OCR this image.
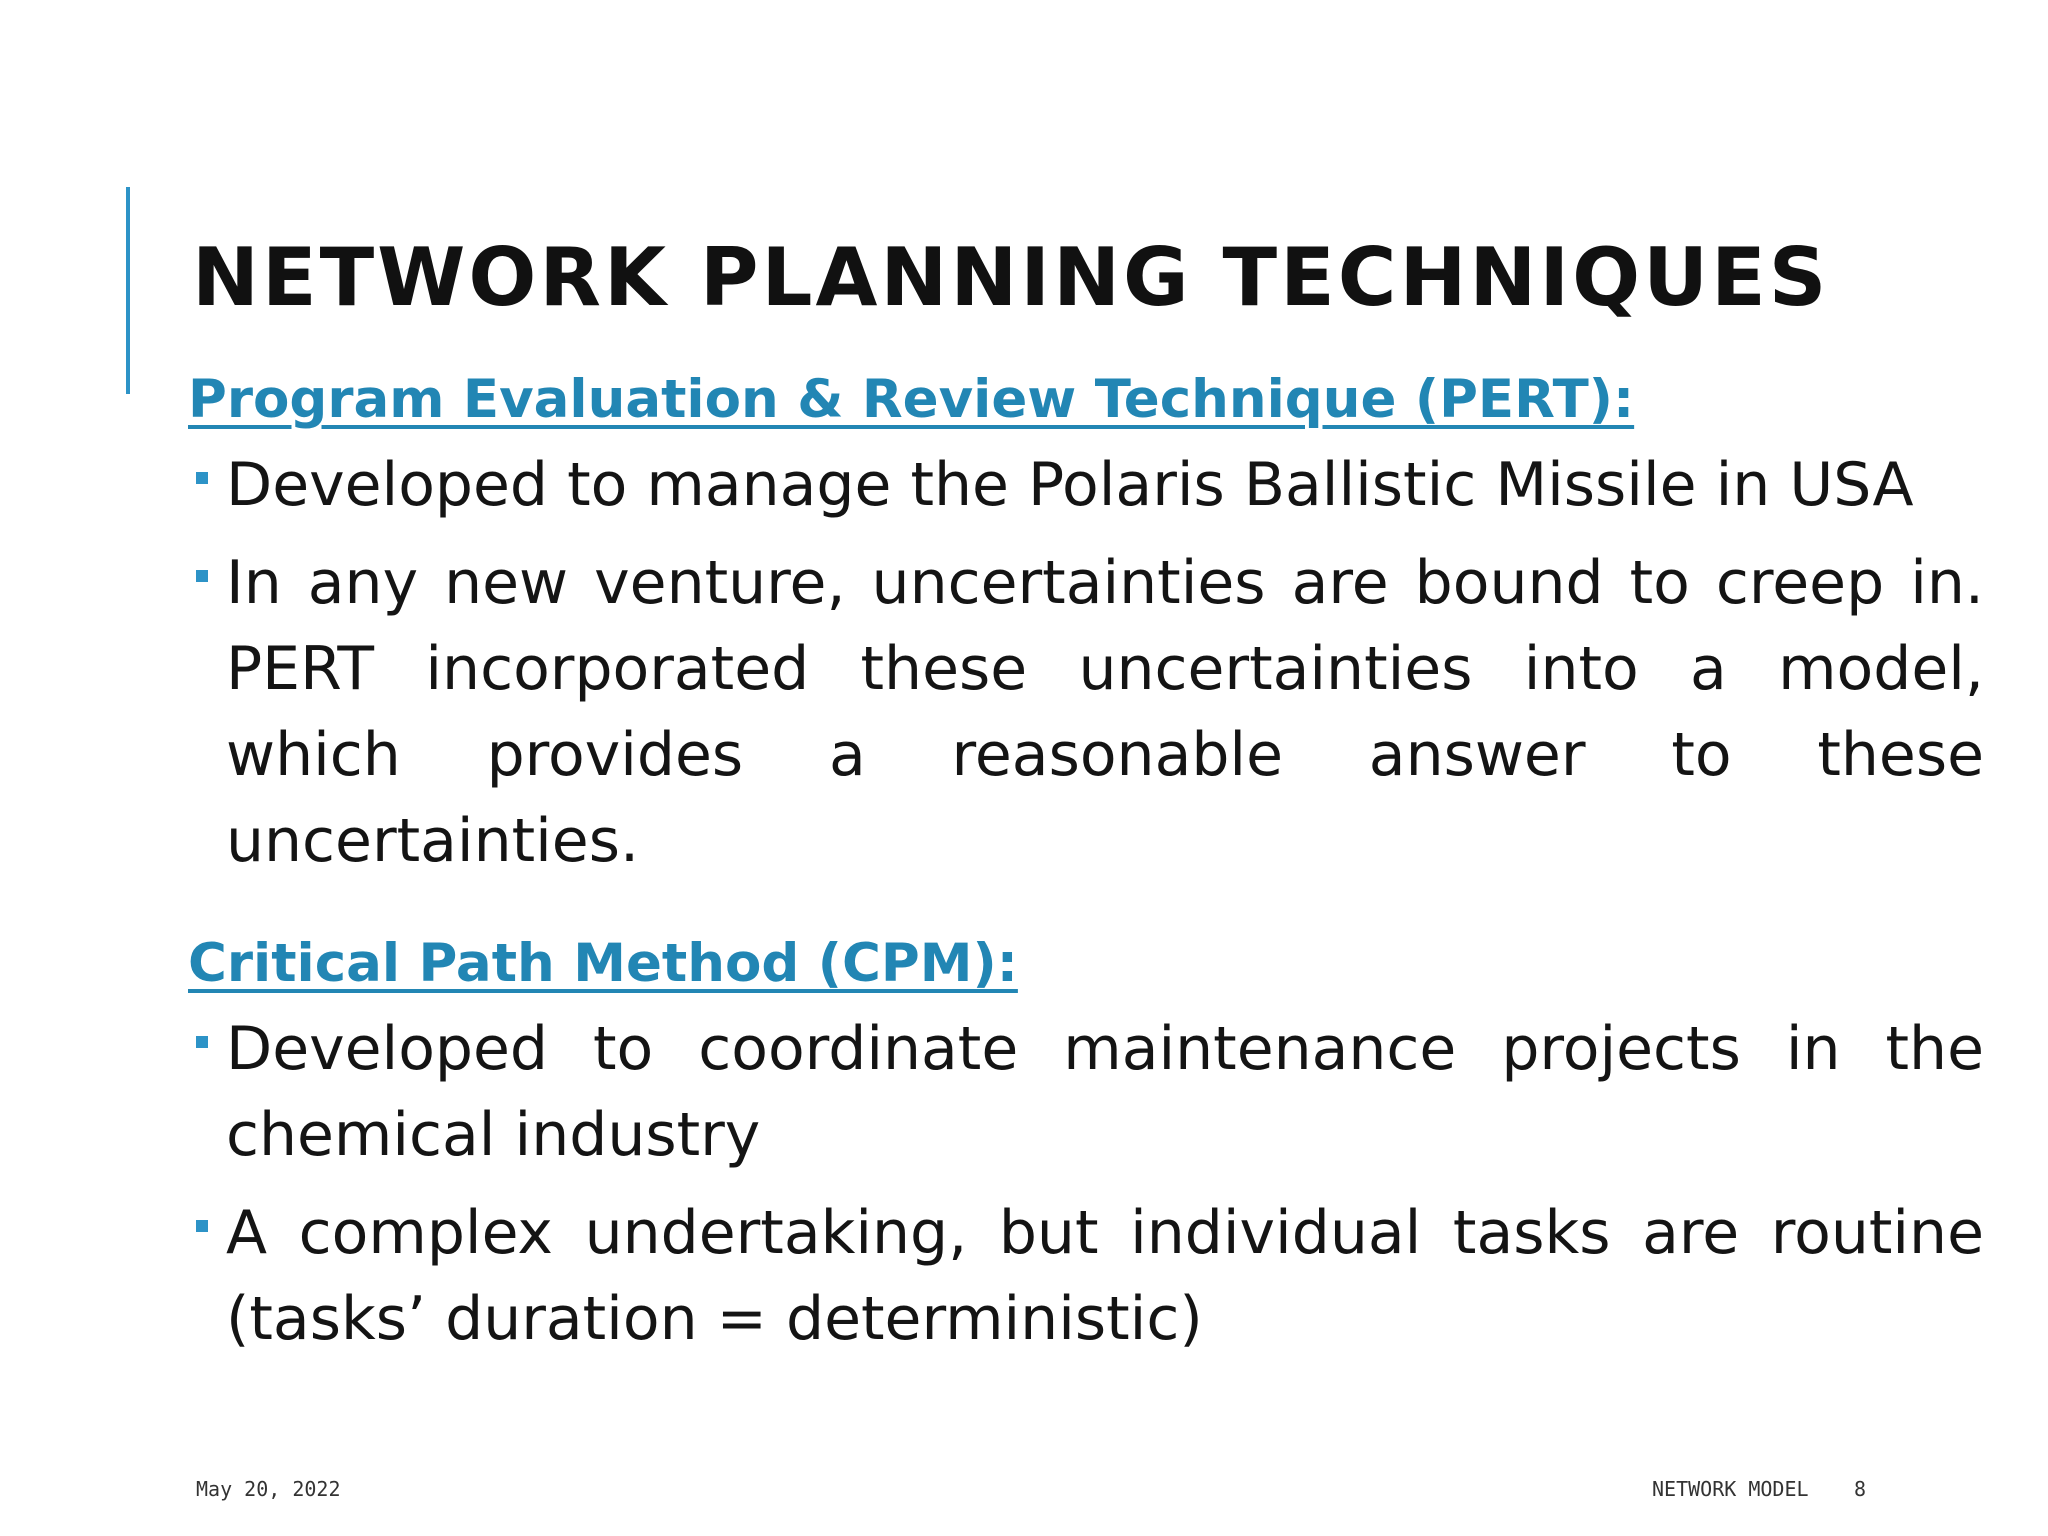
NETWORK PLANNING TECHNIQUES
Program Evaluation & Review Technique (PERT):
Developed to manage the Polaris Ballistic Missile in USA
In any new venture, uncertainties are bound to creep in. PERT incorporated these uncertainties into a model, which provides a reasonable answer to these uncertainties.
Critical Path Method (CPM):
Developed to coordinate maintenance projects in the chemical industry
A complex undertaking, but individual tasks are routine (tasks’ duration = deterministic)
May 20, 2022	NETWORK MODEL 8
